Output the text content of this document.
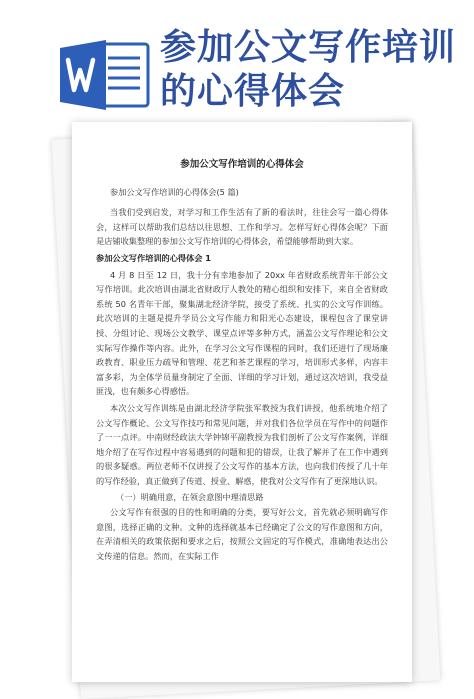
参加公文写作培训
的心得体会
参加公文写作培训的心得体会
参加公文写作培训的心得体会(5 篇)

当我们受到启发，对学习和工作生活有了新的看法时，往往会写一篇心得体会，这样可以帮助我们总结以往思想、工作和学习。怎样写好心得体会呢？下面是店铺收集整理的参加公文写作培训的心得体会，希望能够帮助到大家。

参加公文写作培训的心得体会 1

4 月 8 日至 12 日，我十分有幸地参加了 20xx 年省财政系统青年干部公文写作培训。此次培训由湖北省财政厅人教处的精心组织和安排下，来自全省财政系统 50 名青年干部，聚集湖北经济学院，接受了系统、扎实的公文写作训练。此次培训的主题是提升学员公文写作能力和阳光心态建设，课程包含了课堂讲授、分组讨论、现场公文教学、课堂点评等多种方式，涵盖公文写作理论和公文实际写作操作等内容。此外，在学习公文写作课程的同时，我们还进行了现场廉政教育、职业压力疏导和管理、花艺和茶艺课程的学习，培训形式多样，内容丰富多彩，为全体学员量身制定了全面、详细的学习计划，通过这次培训，我受益匪浅，也有颇多心得感悟。

本次公文写作训练是由湖北经济学院张军教授为我们讲授，他系统地介绍了公文写作概论、公文写作技巧和常见问题，并对我们各位学员在写作中的问题作了一一点评。中南财经政法大学钟锦平副教授为我们剖析了公文写作案例，详细地介绍了在写作过程中容易遇到的问题和犯的错误，让我了解并了在工作中遇到的很多疑惑。两位老师不仅讲授了公文写作的基本方法，也向我们传授了几十年的写作经验，真正做到了传道、授业、解惑，使我对公文写作有了更深地认识。

（一）明确用意，在领会意图中理清思路

公文写作有很强的目的性和明确的分类，要写好公文，首先就必须明确写作意图，选择正确的文种。文种的选择就基本已经确定了公文的写作意图和方向，在弄清相关的政策依据和要求之后，按照公文固定的写作模式，准确地表达出公文传递的信息。然而，在实际工作
